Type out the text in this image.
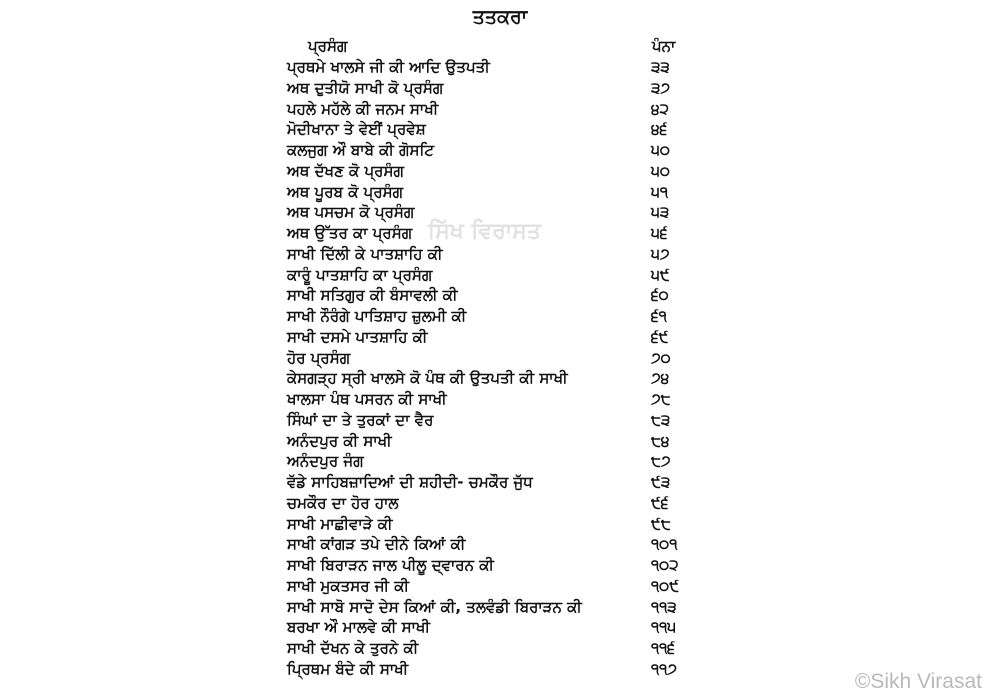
ਤਤਕਰਾ
ਪ੍ਰਸੰਗ	ਪੰਨਾ
ਪ੍ਰਥਮੇ ਖਾਲਸੇ ਜੀ ਕੀ ਆਦਿ ਉਤਪਤੀ	੩੩
ਅਥ ਦੁਤੀਯੋ ਸਾਖੀ ਕੋ ਪ੍ਰਸੰਗ	੩੭
ਪਹਲੇ ਮਹੱਲੇ ਕੀ ਜਨਮ ਸਾਖੀ	੪੨
ਮੋਦੀਖਾਨਾ ਤੇ ਵੇਈਂ ਪ੍ਰਵੇਸ਼	੪੬
ਕਲਜੁਗ ਔ ਬਾਬੇ ਕੀ ਗੋਸਟਿ	੫੦
ਅਥ ਦੱਖਣ ਕੋ ਪ੍ਰਸੰਗ	੫੦
ਅਥ ਪੂਰਬ ਕੋ ਪ੍ਰਸੰਗ	੫੧
ਅਥ ਪਸਚਮ ਕੋ ਪ੍ਰਸੰਗ	੫੩
ਅਥ ਉੱਤਰ ਕਾ ਪ੍ਰਸੰਗ	੫੬
ਸਾਖੀ ਦਿੱਲੀ ਕੇ ਪਾਤਸ਼ਾਹਿ ਕੀ	੫੭
ਕਾਰੂੰ ਪਾਤਸ਼ਾਹਿ ਕਾ ਪ੍ਰਸੰਗ	੫੯
ਸਾਖੀ ਸਤਿਗੁਰ ਕੀ ਬੰਸਾਵਲੀ ਕੀ	੬੦
ਸਾਖੀ ਨੌਰੰਗੇ ਪਾਤਿਸ਼ਾਹ ਜ਼ੁਲਮੀ ਕੀ	੬੧
ਸਾਖੀ ਦਸਮੇ ਪਾਤਸ਼ਾਹਿ ਕੀ	੬੯
ਹੋਰ ਪ੍ਰਸੰਗ	੭੦
ਕੇਸਗੜ੍ਹ ਸ੍ਰੀ ਖਾਲਸੇ ਕੋ ਪੰਥ ਕੀ ਉਤਪਤੀ ਕੀ ਸਾਖੀ	੭੪
ਖਾਲਸਾ ਪੰਥ ਪਸਰਨ ਕੀ ਸਾਖੀ	੭੮
ਸਿੰਘਾਂ ਦਾ ਤੇ ਤੁਰਕਾਂ ਦਾ ਵੈਰ	੮੩
ਅਨੰਦਪੁਰ ਕੀ ਸਾਖੀ	੮੪
ਅਨੰਦਪੁਰ ਜੰਗ	੮੭
ਵੱਡੇ ਸਾਹਿਬਜ਼ਾਦਿਆਂ ਦੀ ਸ਼ਹੀਦੀ- ਚਮਕੌਰ ਜੁੱਧ	੯੩
ਚਮਕੌਰ ਦਾ ਹੋਰ ਹਾਲ	੯੬
ਸਾਖੀ ਮਾਛੀਵਾੜੇ ਕੀ	੯੮
ਸਾਖੀ ਕਾਂਗੜ ਤਪੇ ਦੀਨੇ ਕਿਆਂ ਕੀ	੧੦੧
ਸਾਖੀ ਬਿਰਾੜਨ ਜਾਲ ਪੀਲੂ ਦ੍ਵਾਰਨ ਕੀ	੧੦੨
ਸਾਖੀ ਮੁਕਤਸਰ ਜੀ ਕੀ	੧੦੯
ਸਾਖੀ ਸਾਬੋ ਸਾਦੋ ਦੇਸ ਕਿਆਂ ਕੀ, ਤਲਵੰਡੀ ਬਿਰਾੜਨ ਕੀ	੧੧੩
ਬਰਖਾ ਔ ਮਾਲਵੇ ਕੀ ਸਾਖੀ	੧੧੫
ਸਾਖੀ ਦੱਖਨ ਕੇ ਤੁਰਨੇ ਕੀ	੧੧੬
ਪ੍ਰਿਥਮ ਬੰਦੇ ਕੀ ਸਾਖੀ	੧੧੭
ਸਿੱਖ ਵਿਰਾਸਤ
©Sikh Virasat
